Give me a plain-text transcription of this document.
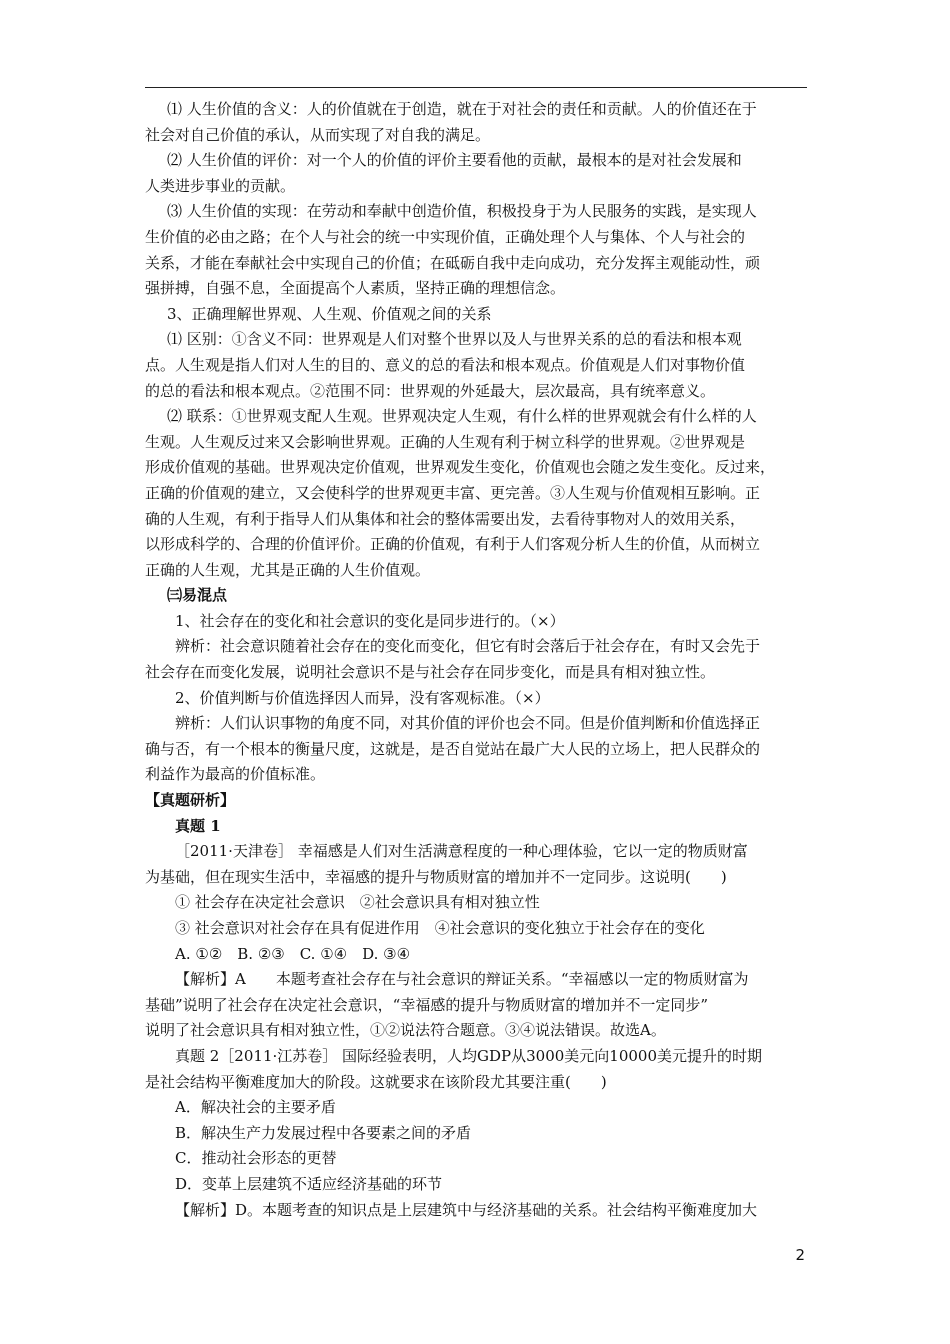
⑴ 人生价值的含义：人的价值就在于创造，就在于对社会的责任和贡献。人的价值还在于

社会对自己价值的承认，从而实现了对自我的满足。

⑵ 人生价值的评价：对一个人的价值的评价主要看他的贡献，最根本的是对社会发展和

人类进步事业的贡献。

⑶ 人生价值的实现：在劳动和奉献中创造价值，积极投身于为人民服务的实践，是实现人

生价值的必由之路；在个人与社会的统一中实现价值，正确处理个人与集体、个人与社会的

关系，才能在奉献社会中实现自己的价值；在砥砺自我中走向成功，充分发挥主观能动性，顽

强拼搏，自强不息，全面提高个人素质，坚持正确的理想信念。

3、正确理解世界观、人生观、价值观之间的关系

⑴ 区别：①含义不同：世界观是人们对整个世界以及人与世界关系的总的看法和根本观

点。人生观是指人们对人生的目的、意义的总的看法和根本观点。价值观是人们对事物价值

的总的看法和根本观点。②范围不同：世界观的外延最大，层次最高，具有统率意义。

⑵ 联系：①世界观支配人生观。世界观决定人生观，有什么样的世界观就会有什么样的人

生观。人生观反过来又会影响世界观。正确的人生观有利于树立科学的世界观。②世界观是

形成价值观的基础。世界观决定价值观，世界观发生变化，价值观也会随之发生变化。反过来，

正确的价值观的建立，又会使科学的世界观更丰富、更完善。③人生观与价值观相互影响。正

确的人生观，有利于指导人们从集体和社会的整体需要出发，去看待事物对人的效用关系，

以形成科学的、合理的价值评价。正确的价值观，有利于人们客观分析人生的价值，从而树立

正确的人生观，尤其是正确的人生价值观。

㈢易混点

1、社会存在的变化和社会意识的变化是同步进行的。（×）

辨析：社会意识随着社会存在的变化而变化，但它有时会落后于社会存在，有时又会先于

社会存在而变化发展，说明社会意识不是与社会存在同步变化，而是具有相对独立性。

2、价值判断与价值选择因人而异，没有客观标准。（×）

辨析：人们认识事物的角度不同，对其价值的评价也会不同。但是价值判断和价值选择正

确与否，有一个根本的衡量尺度，这就是，是否自觉站在最广大人民的立场上，把人民群众的

利益作为最高的价值标准。

【真题研析】

真题 1

［2011·天津卷］ 幸福感是人们对生活满意程度的一种心理体验，它以一定的物质财富

为基础，但在现实生活中，幸福感的提升与物质财富的增加并不一定同步。这说明(　　)

① 社会存在决定社会意识　②社会意识具有相对独立性

③ 社会意识对社会存在具有促进作用　④社会意识的变化独立于社会存在的变化

A. ①②　B. ②③　C. ①④　D. ③④

【解析】A　　本题考查社会存在与社会意识的辩证关系。“幸福感以一定的物质财富为

基础”说明了社会存在决定社会意识，“幸福感的提升与物质财富的增加并不一定同步”

说明了社会意识具有相对独立性，①②说法符合题意。③④说法错误。故选A。

真题 2［2011·江苏卷］ 国际经验表明，人均GDP从3000美元向10000美元提升的时期

是社会结构平衡难度加大的阶段。这就要求在该阶段尤其要注重(　　)

A．解决社会的主要矛盾

B．解决生产力发展过程中各要素之间的矛盾

C．推动社会形态的更替

D．变革上层建筑不适应经济基础的环节

【解析】D。本题考查的知识点是上层建筑中与经济基础的关系。社会结构平衡难度加大

2
